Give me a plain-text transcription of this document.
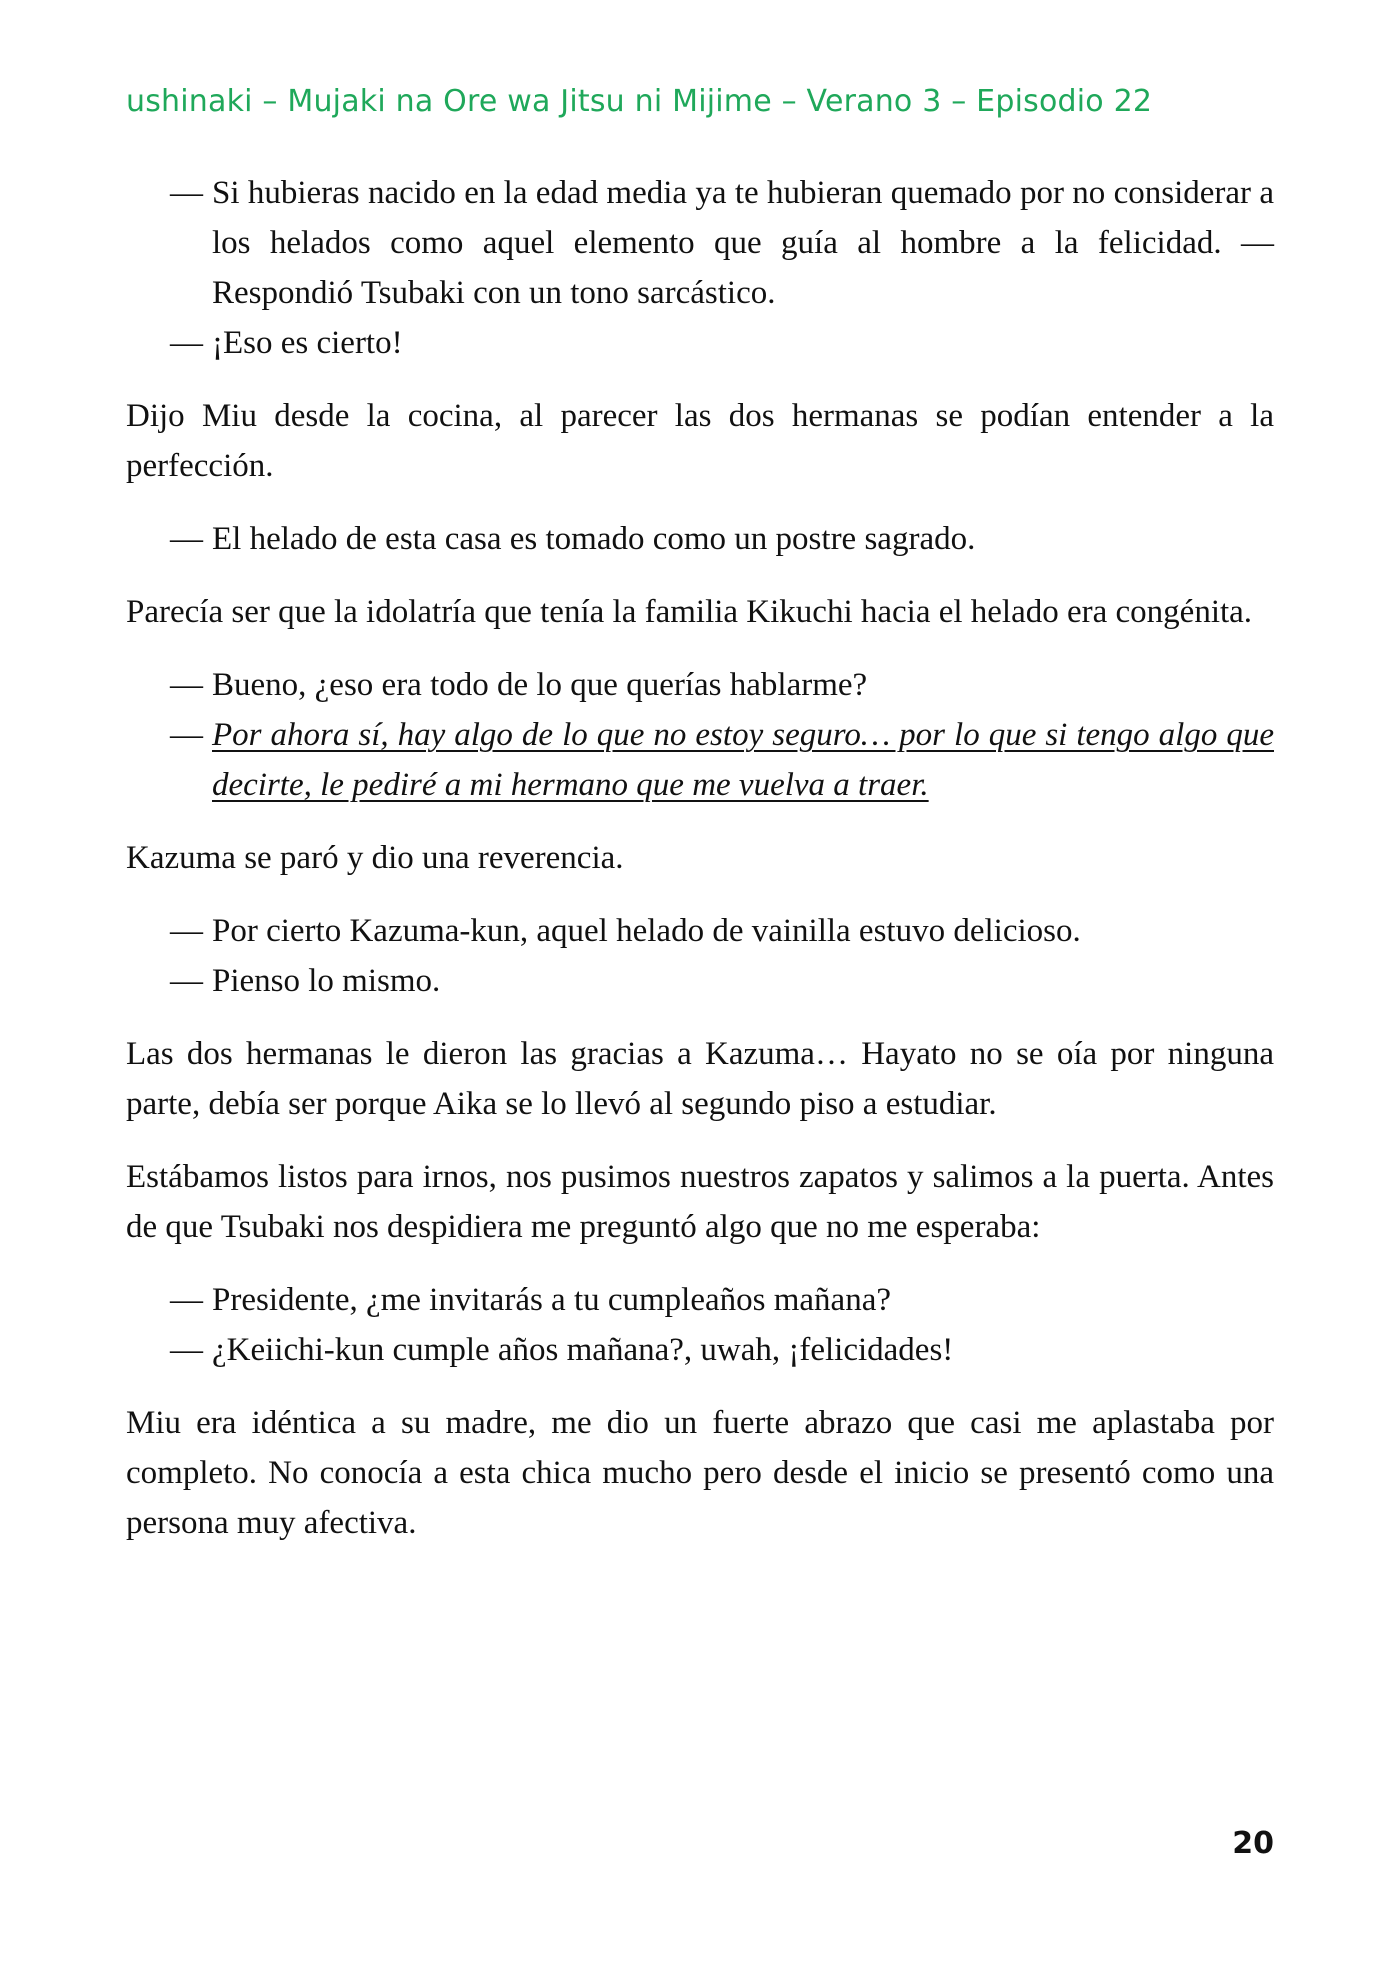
ushinaki – Mujaki na Ore wa Jitsu ni Mijime – Verano 3 – Episodio 22

— Si hubieras nacido en la edad media ya te hubieran quemado por no considerar a los helados como aquel elemento que guía al hombre a la felicidad. —Respondió Tsubaki con un tono sarcástico.

— ¡Eso es cierto!

Dijo Miu desde la cocina, al parecer las dos hermanas se podían entender a la perfección.

— El helado de esta casa es tomado como un postre sagrado.

Parecía ser que la idolatría que tenía la familia Kikuchi hacia el helado era congénita.

— Bueno, ¿eso era todo de lo que querías hablarme?

— Por ahora sí, hay algo de lo que no estoy seguro… por lo que si tengo algo que decirte, le pediré a mi hermano que me vuelva a traer.

Kazuma se paró y dio una reverencia.

— Por cierto Kazuma-kun, aquel helado de vainilla estuvo delicioso.

— Pienso lo mismo.

Las dos hermanas le dieron las gracias a Kazuma… Hayato no se oía por ninguna parte, debía ser porque Aika se lo llevó al segundo piso a estudiar.

Estábamos listos para irnos, nos pusimos nuestros zapatos y salimos a la puerta. Antes de que Tsubaki nos despidiera me preguntó algo que no me esperaba:

— Presidente, ¿me invitarás a tu cumpleaños mañana?

— ¿Keiichi-kun cumple años mañana?, uwah, ¡felicidades!

Miu era idéntica a su madre, me dio un fuerte abrazo que casi me aplastaba por completo. No conocía a esta chica mucho pero desde el inicio se presentó como una persona muy afectiva.

20
